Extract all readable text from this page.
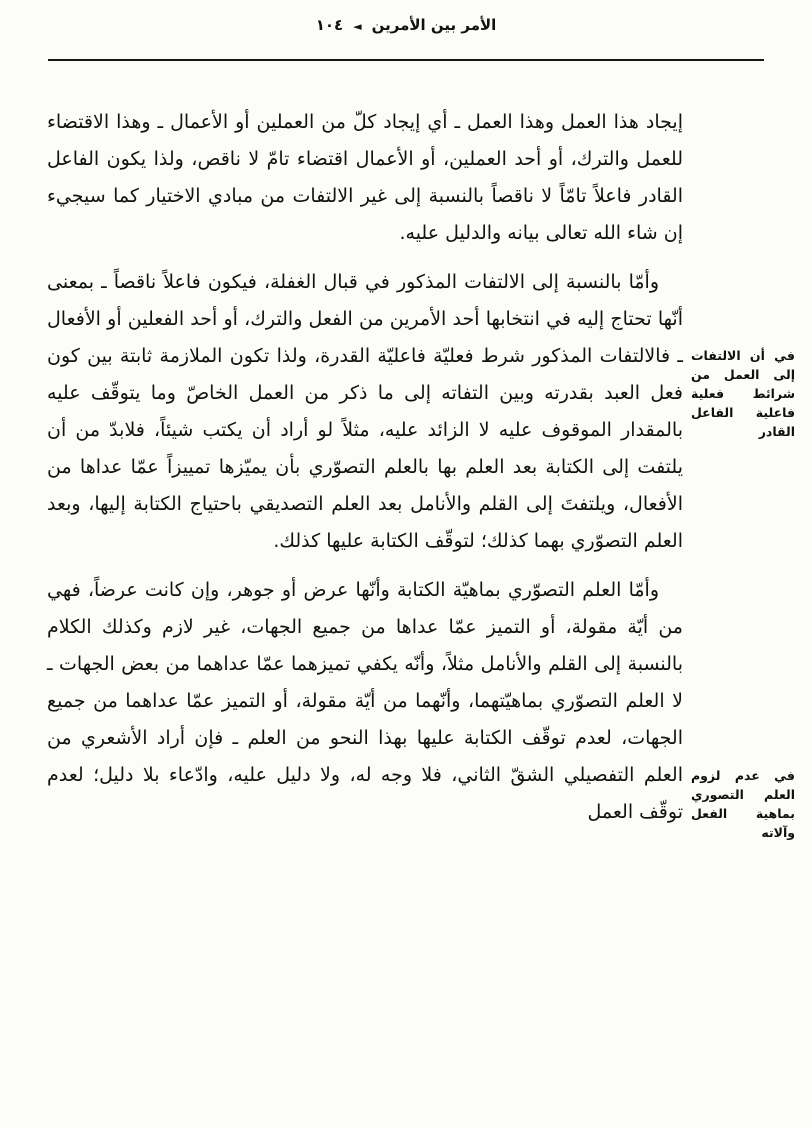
١٠٤ ◄ الأمر بين الأمرين

إيجاد هذا العمل وهذا العمل ـ أي إيجاد كلّ من العملين أو الأعمال ـ وهذا الاقتضاء للعمل والترك، أو أحد العملين، أو الأعمال اقتضاء تامّ لا ناقص، ولذا يكون الفاعل القادر فاعلاً تامّاً لا ناقصاً بالنسبة إلى غير الالتفات من مبادي الاختيار كما سيجيء إن شاء الله تعالى بيانه والدليل عليه.

وأمّا بالنسبة إلى الالتفات المذكور في قبال الغفلة، فيكون فاعلاً ناقصاً ـ بمعنى أنّها تحتاج إليه في انتخابها أحد الأمرين من الفعل والترك، أو أحد الفعلين أو الأفعال ـ فالالتفات المذكور شرط فعليّة فاعليّة القدرة، ولذا تكون الملازمة ثابتة بين كون فعل العبد بقدرته وبين التفاته إلى ما ذكر من العمل الخاصّ وما يتوقّف عليه بالمقدار الموقوف عليه لا الزائد عليه، مثلاً لو أراد أن يكتب شيئاً، فلابدّ من أن يلتفت إلى الكتابة بعد العلم بها بالعلم التصوّري بأن يميّزها تمييزاً عمّا عداها من الأفعال، ويلتفتَ إلى القلم والأنامل بعد العلم التصديقي باحتياج الكتابة إليها، وبعد العلم التصوّري بهما كذلك؛ لتوقّف الكتابة عليها كذلك.

وأمّا العلم التصوّري بماهيّة الكتابة وأنّها عرض أو جوهر، وإن كانت عرضاً، فهي من أيّة مقولة، أو التميز عمّا عداها من جميع الجهات، غير لازم وكذلك الكلام بالنسبة إلى القلم والأنامل مثلاً، وأنّه يكفي تميزهما عمّا عداهما من بعض الجهات ـ لا العلم التصوّري بماهيّتهما، وأنّهما من أيّة مقولة، أو التميز عمّا عداهما من جميع الجهات، لعدم توقّف الكتابة عليها بهذا النحو من العلم ـ فإن أراد الأشعري من العلم التفصيلي الشقّ الثاني، فلا وجه له، ولا دليل عليه، وادّعاء بلا دليل؛ لعدم توقّف العمل

في أن الالتفات إلى العمل من شرائط فعلية فاعلية الفاعل القادر
في عدم لزوم العلم التصوري بماهية الفعل وآلاته
